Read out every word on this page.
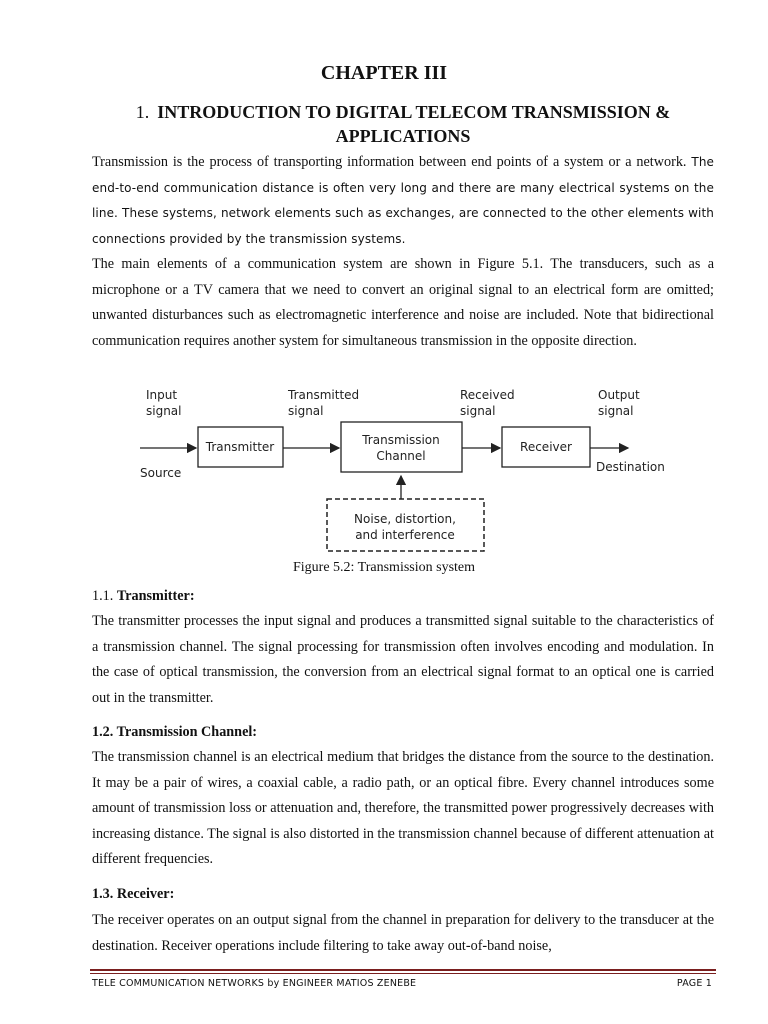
CHAPTER III
1. INTRODUCTION TO DIGITAL TELECOM TRANSMISSION & APPLICATIONS

Transmission is the process of transporting information between end points of a system or a network. The end-to-end communication distance is often very long and there are many electrical systems on the line. These systems, network elements such as exchanges, are connected to the other elements with connections provided by the transmission systems.

The main elements of a communication system are shown in Figure 5.1. The transducers, such as a microphone or a TV camera that we need to convert an original signal to an electrical form are omitted; unwanted disturbances such as electromagnetic interference and noise are included. Note that bidirectional communication requires another system for simultaneous transmission in the opposite direction.

Input
signal
Transmitted
signal
Received
signal
Output
signal
Transmitter	Transmission
Channel
Receiver
Source	Destination
Noise, distortion,
and interference
Figure 5.2: Transmission system
1.1. Transmitter:

The transmitter processes the input signal and produces a transmitted signal suitable to the characteristics of a transmission channel. The signal processing for transmission often involves encoding and modulation. In the case of optical transmission, the conversion from an electrical signal format to an optical one is carried out in the transmitter.

1.2. Transmission Channel:

The transmission channel is an electrical medium that bridges the distance from the source to the destination. It may be a pair of wires, a coaxial cable, a radio path, or an optical fibre. Every channel introduces some amount of transmission loss or attenuation and, therefore, the transmitted power progressively decreases with increasing distance. The signal is also distorted in the transmission channel because of different attenuation at different frequencies.

1.3. Receiver:

The receiver operates on an output signal from the channel in preparation for delivery to the transducer at the destination. Receiver operations include filtering to take away out-of-band noise,

TELE COMMUNICATION NETWORKS by ENGINEER MATIOS ZENEBE	PAGE 1
